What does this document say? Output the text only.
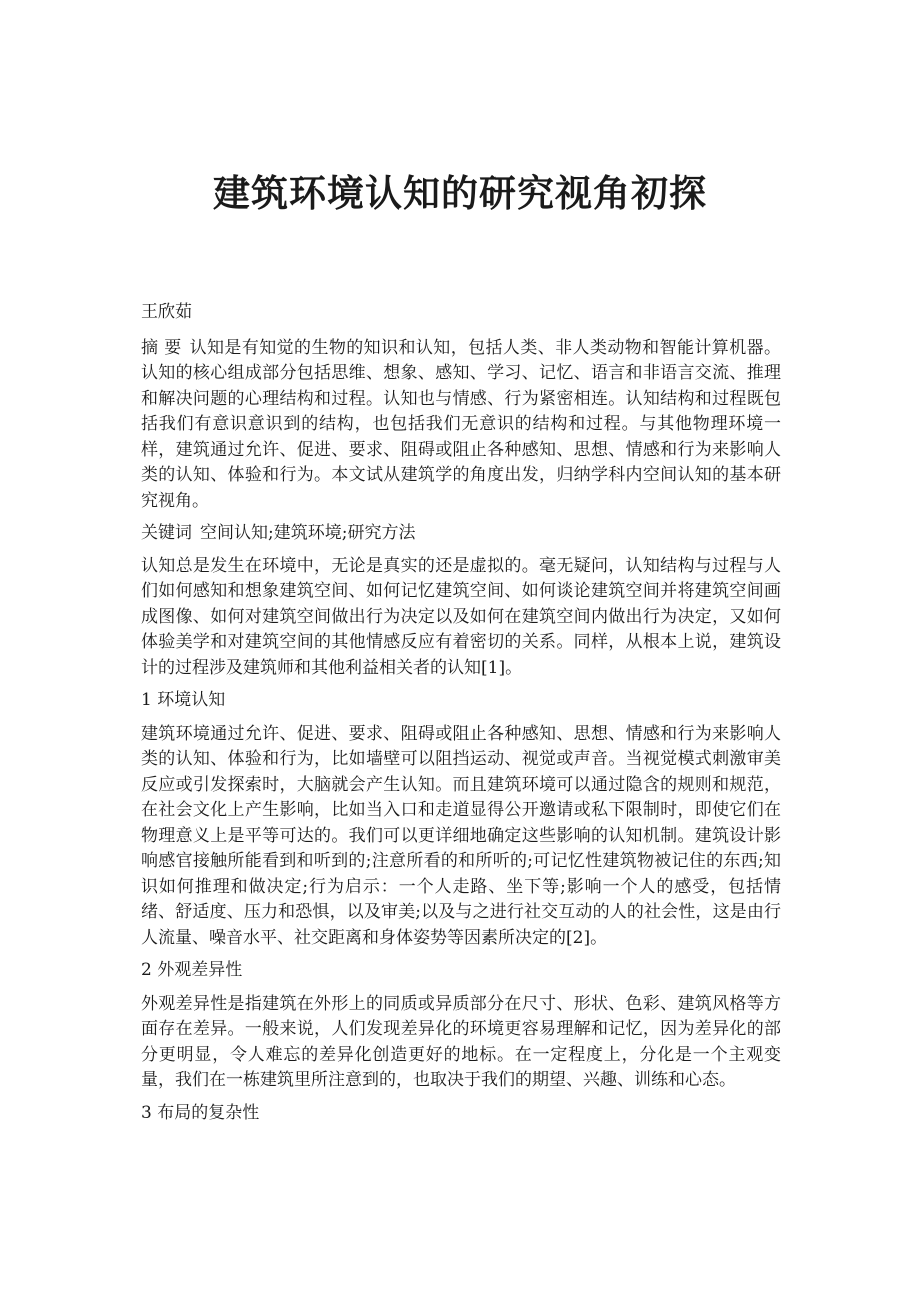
建筑环境认知的研究视角初探

王欣茹

摘 要 认知是有知觉的生物的知识和认知，包括人类、非人类动物和智能计算机器。认知的核心组成部分包括思维、想象、感知、学习、记忆、语言和非语言交流、推理和解决问题的心理结构和过程。认知也与情感、行为紧密相连。认知结构和过程既包括我们有意识意识到的结构，也包括我们无意识的结构和过程。与其他物理环境一样，建筑通过允许、促进、要求、阻碍或阻止各种感知、思想、情感和行为来影响人类的认知、体验和行为。本文试从建筑学的角度出发，归纳学科内空间认知的基本研究视角。

关键词 空间认知;建筑环境;研究方法

认知总是发生在环境中，无论是真实的还是虚拟的。毫无疑问，认知结构与过程与人们如何感知和想象建筑空间、如何记忆建筑空间、如何谈论建筑空间并将建筑空间画成图像、如何对建筑空间做出行为决定以及如何在建筑空间内做出行为决定，又如何体验美学和对建筑空间的其他情感反应有着密切的关系。同样，从根本上说，建筑设计的过程涉及建筑师和其他利益相关者的认知[1]。

1 环境认知

建筑环境通过允许、促进、要求、阻碍或阻止各种感知、思想、情感和行为来影响人类的认知、体验和行为，比如墙壁可以阻挡运动、视觉或声音。当视觉模式刺激审美反应或引发探索时，大脑就会产生认知。而且建筑环境可以通过隐含的规则和规范，在社会文化上产生影响，比如当入口和走道显得公开邀请或私下限制时，即使它们在物理意义上是平等可达的。我们可以更详细地确定这些影响的认知机制。建筑设计影响感官接触所能看到和听到的;注意所看的和所听的;可记忆性建筑物被记住的东西;知识如何推理和做决定;行为启示：一个人走路、坐下等;影响一个人的感受，包括情绪、舒适度、压力和恐惧，以及审美;以及与之进行社交互动的人的社会性，这是由行人流量、噪音水平、社交距离和身体姿势等因素所决定的[2]。

2 外观差异性

外观差异性是指建筑在外形上的同质或异质部分在尺寸、形状、色彩、建筑风格等方面存在差异。一般来说，人们发现差异化的环境更容易理解和记忆，因为差异化的部分更明显，令人难忘的差异化创造更好的地标。在一定程度上，分化是一个主观变量，我们在一栋建筑里所注意到的，也取决于我们的期望、兴趣、训练和心态。

3 布局的复杂性
